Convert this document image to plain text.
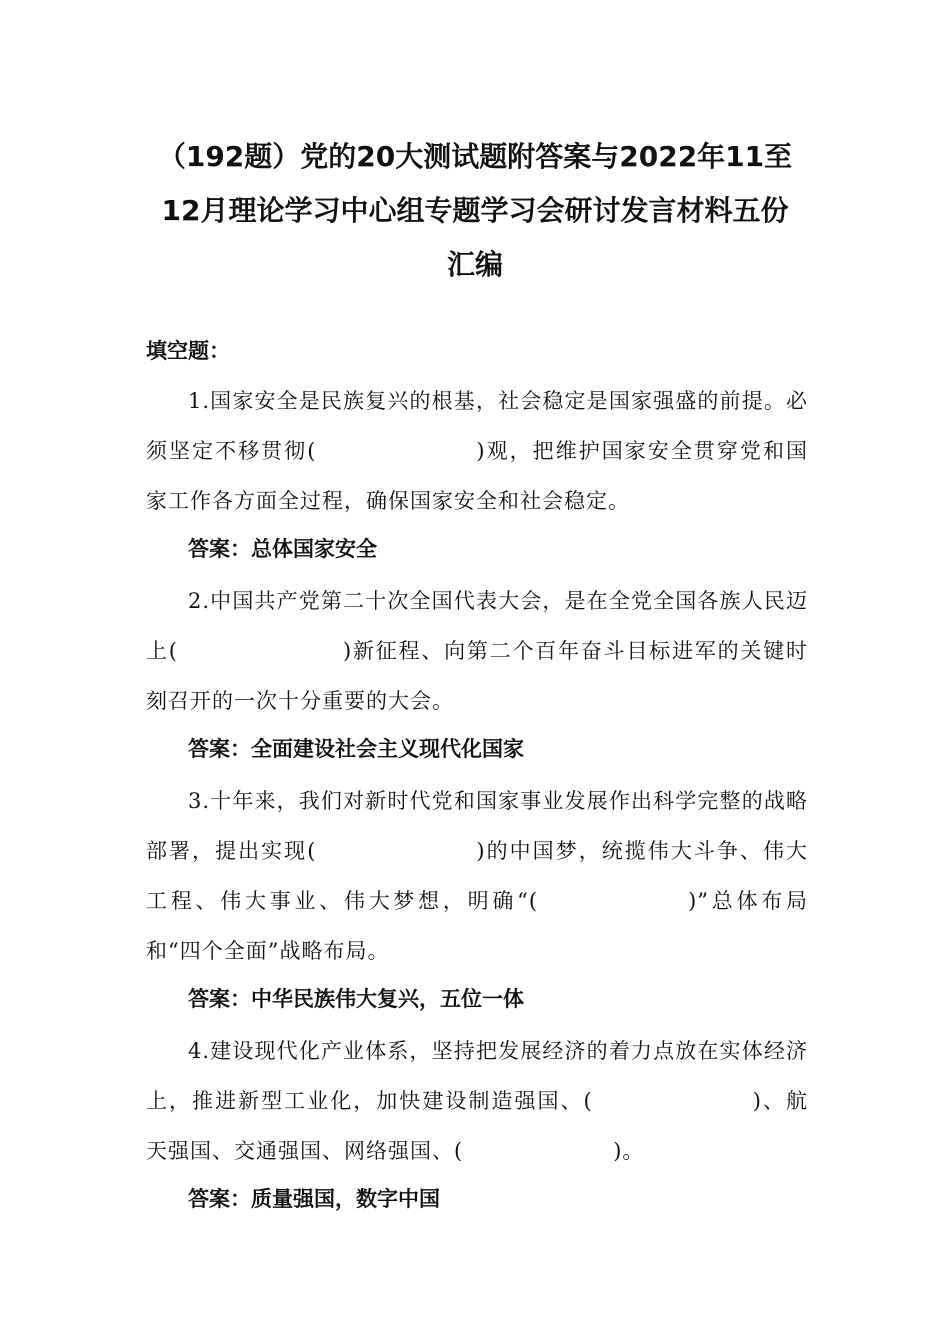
（192题）党的20大测试题附答案与2022年11至
12月理论学习中心组专题学习会研讨发言材料五份
汇编
填空题：
1.国家安全是民族复兴的根基，社会稳定是国家强盛的前提。必须坚定不移贯彻(	)观，把维护国家安全贯穿党和国家工作各方面全过程，确保国家安全和社会稳定。
答案：总体国家安全
2.中国共产党第二十次全国代表大会，是在全党全国各族人民迈上(	)新征程、向第二个百年奋斗目标进军的关键时刻召开的一次十分重要的大会。
答案：全面建设社会主义现代化国家
3.十年来，我们对新时代党和国家事业发展作出科学完整的战略部署，提出实现(	)的中国梦，统揽伟大斗争、伟大工程、伟大事业、伟大梦想，明确“(	)”总体布局和“四个全面”战略布局。
答案：中华民族伟大复兴，五位一体
4.建设现代化产业体系，坚持把发展经济的着力点放在实体经济上，推进新型工业化，加快建设制造强国、(	)、航天强国、交通强国、网络强国、(	)。
答案：质量强国，数字中国
